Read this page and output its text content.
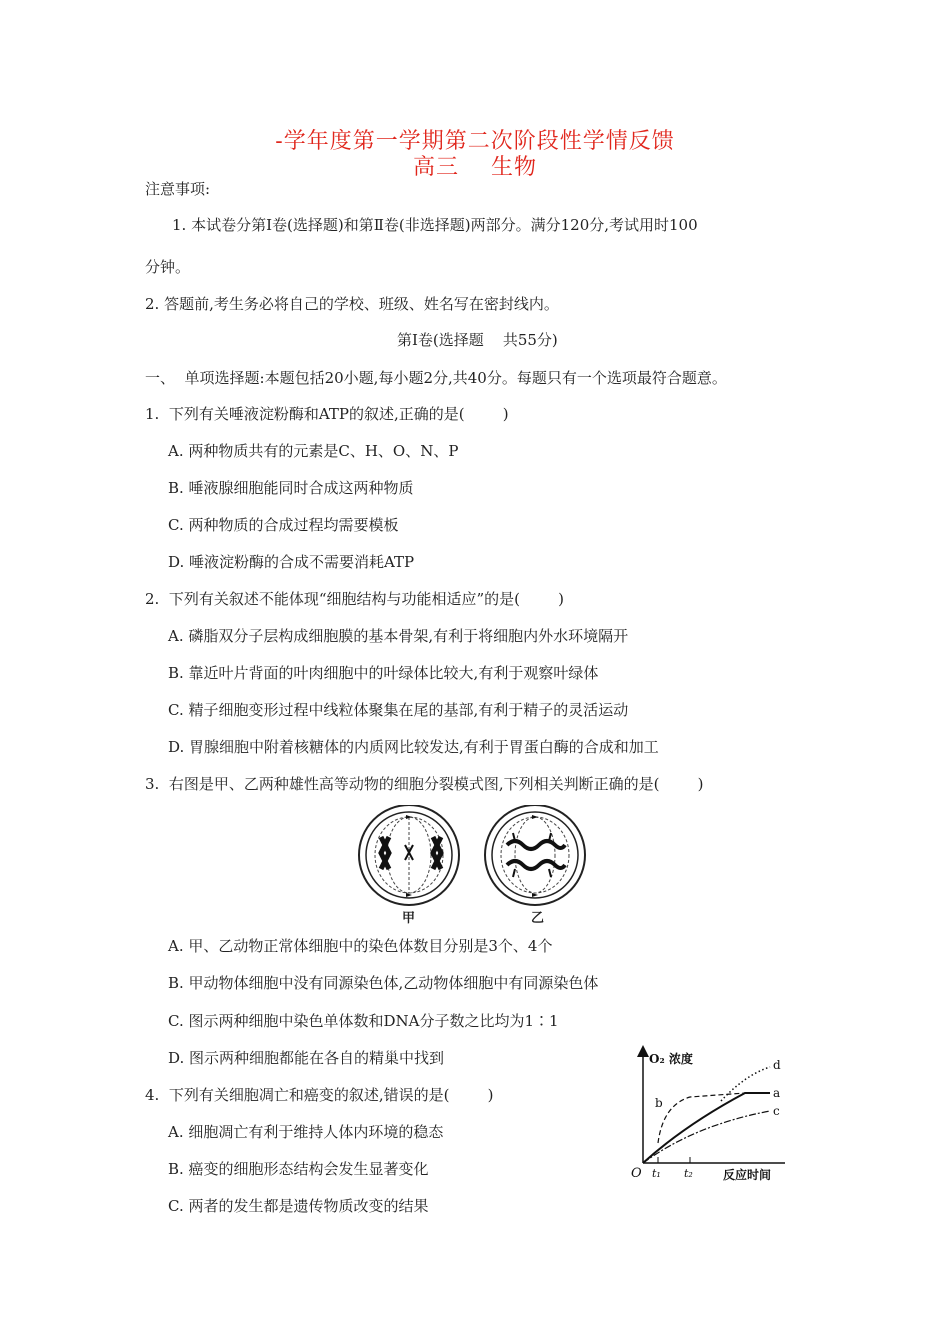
-学年度第一学期第二次阶段性学情反馈
高三    生物
注意事项:
1. 本试卷分第Ⅰ卷(选择题)和第Ⅱ卷(非选择题)两部分。满分120分,考试用时100
分钟。
2. 答题前,考生务必将自己的学校、班级、姓名写在密封线内。
第Ⅰ卷(选择题    共55分)
一、  单项选择题:本题包括20小题,每小题2分,共40分。每题只有一个选项最符合题意。
1.  下列有关唾液淀粉酶和ATP的叙述,正确的是(        )
A. 两种物质共有的元素是C、H、O、N、P
B. 唾液腺细胞能同时合成这两种物质
C. 两种物质的合成过程均需要模板
D. 唾液淀粉酶的合成不需要消耗ATP
2.  下列有关叙述不能体现“细胞结构与功能相适应”的是(        )
A. 磷脂双分子层构成细胞膜的基本骨架,有利于将细胞内外水环境隔开
B. 靠近叶片背面的叶肉细胞中的叶绿体比较大,有利于观察叶绿体
C. 精子细胞变形过程中线粒体聚集在尾的基部,有利于精子的灵活运动
D. 胃腺细胞中附着核糖体的内质网比较发达,有利于胃蛋白酶的合成和加工
3.  右图是甲、乙两种雄性高等动物的细胞分裂模式图,下列相关判断正确的是(        )
甲	乙
A. 甲、乙动物正常体细胞中的染色体数目分别是3个、4个
B. 甲动物体细胞中没有同源染色体,乙动物体细胞中有同源染色体
C. 图示两种细胞中染色单体数和DNA分子数之比均为1∶1
D. 图示两种细胞都能在各自的精巢中找到
4.  下列有关细胞凋亡和癌变的叙述,错误的是(        )
A. 细胞凋亡有利于维持人体内环境的稳态
B. 癌变的细胞形态结构会发生显著变化
C. 两者的发生都是遗传物质改变的结果
O₂ 浓度
O t₁ t₂	反应时间
a
b
c
d
